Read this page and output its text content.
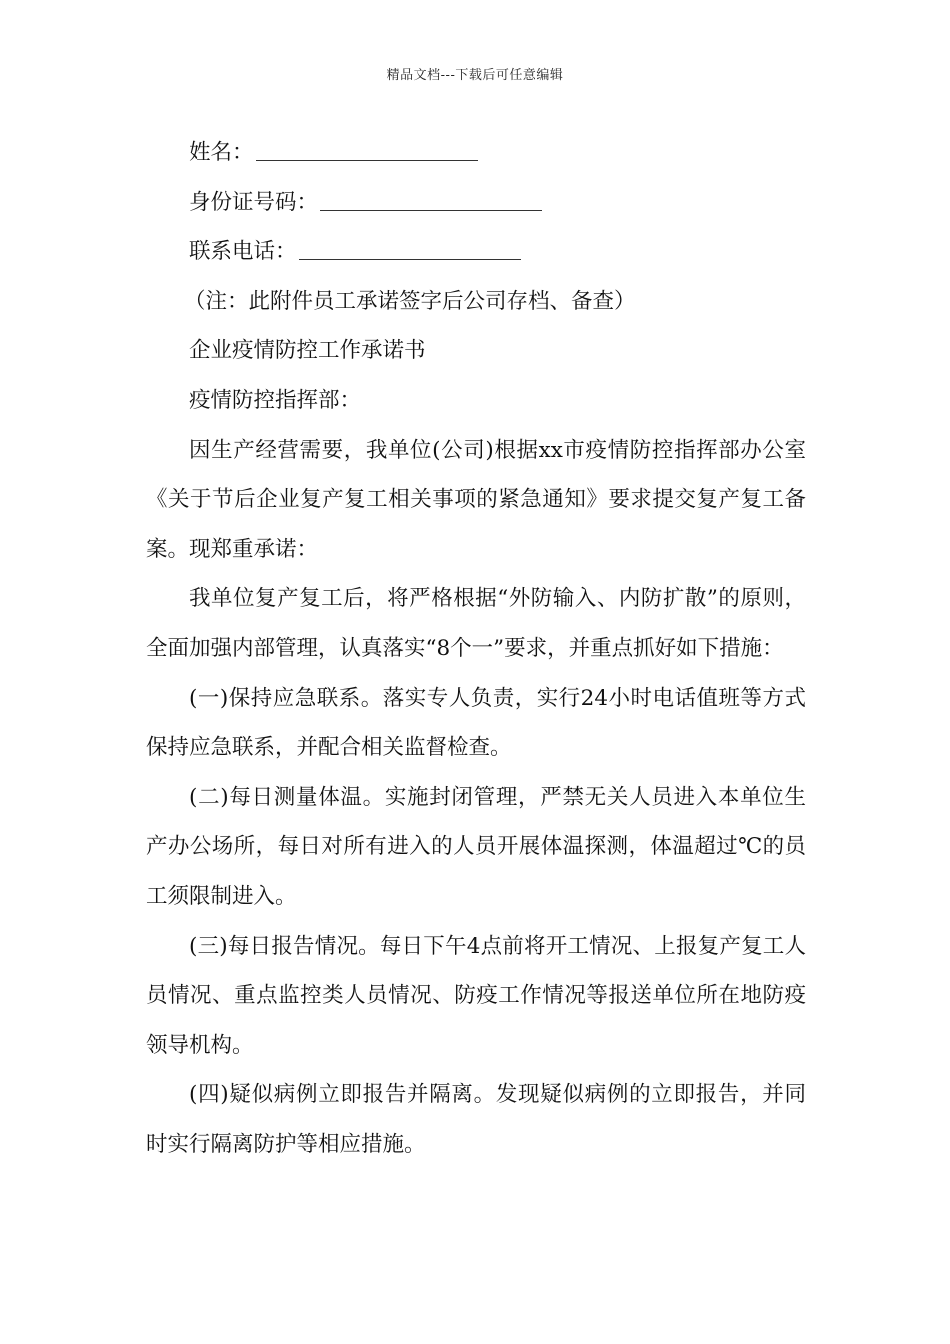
精品文档---下载后可任意编辑

姓名：

身份证号码：

联系电话：

（注：此附件员工承诺签字后公司存档、备查）

企业疫情防控工作承诺书

疫情防控指挥部：

因生产经营需要，我单位(公司)根据xx市疫情防控指挥部办公室《关于节后企业复产复工相关事项的紧急通知》要求提交复产复工备案。现郑重承诺：

我单位复产复工后，将严格根据“外防输入、内防扩散”的原则，全面加强内部管理，认真落实“8个一”要求，并重点抓好如下措施：

(一)保持应急联系。落实专人负责，实行24小时电话值班等方式保持应急联系，并配合相关监督检查。

(二)每日测量体温。实施封闭管理，严禁无关人员进入本单位生产办公场所，每日对所有进入的人员开展体温探测，体温超过℃的员工须限制进入。

(三)每日报告情况。每日下午4点前将开工情况、上报复产复工人员情况、重点监控类人员情况、防疫工作情况等报送单位所在地防疫领导机构。

(四)疑似病例立即报告并隔离。发现疑似病例的立即报告，并同时实行隔离防护等相应措施。
